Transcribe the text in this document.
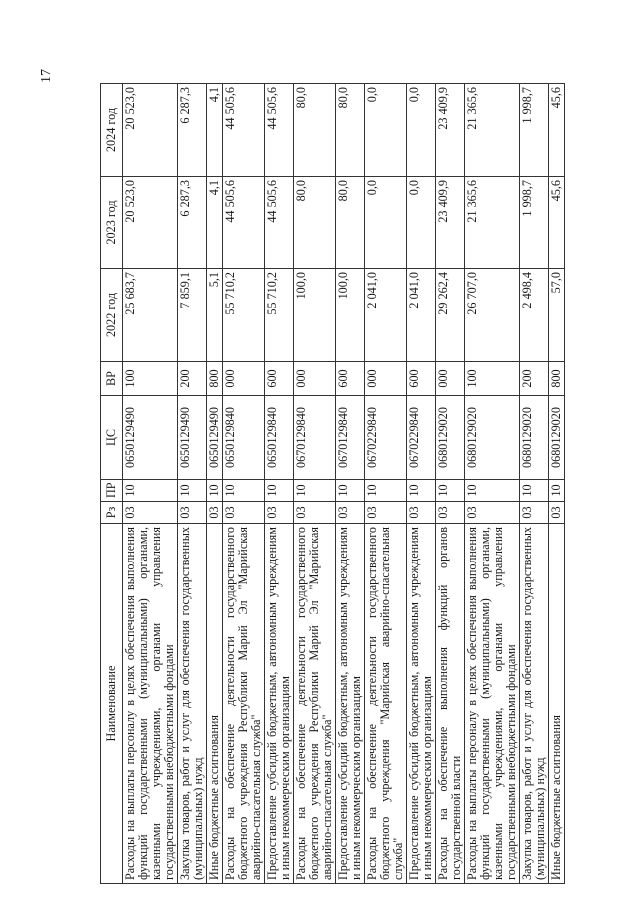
17
Наименование	Рз	ПР	ЦС	ВР	2022 год	2023 год	2024 год
Расходы на выплаты персоналу в целях обеспечения выполнения функций государственными (муниципальными) органами, казенными учреждениями, органами управления государственными внебюджетными фондами	03	10	0650129490	100	25 683,7	20 523,0	20 523,0
Закупка товаров, работ и услуг для обеспечения государственных (муниципальных) нужд	03	10	0650129490	200	7 859,1	6 287,3	6 287,3
Иные бюджетные ассигнования	03	10	0650129490	800	5,1	4,1	4,1
Расходы на обеспечение деятельности государственного бюджетного учреждения Республики Марий Эл "Марийская аварийно-спасательная служба"	03	10	0650129840	000	55 710,2	44 505,6	44 505,6
Предоставление субсидий бюджетным, автономным учреждениям и иным некоммерческим организациям	03	10	0650129840	600	55 710,2	44 505,6	44 505,6
Расходы на обеспечение деятельности государственного бюджетного учреждения Республики Марий Эл "Марийская аварийно-спасательная служба"	03	10	0670129840	000	100,0	80,0	80,0
Предоставление субсидий бюджетным, автономным учреждениям и иным некоммерческим организациям	03	10	0670129840	600	100,0	80,0	80,0
Расходы на обеспечение деятельности государственного бюджетного учреждения "Марийская аварийно-спасательная служба"	03	10	0670229840	000	2 041,0	0,0	0,0
Предоставление субсидий бюджетным, автономным учреждениям и иным некоммерческим организациям	03	10	0670229840	600	2 041,0	0,0	0,0
Расходы на обеспечение выполнения функций органов государственной власти	03	10	0680129020	000	29 262,4	23 409,9	23 409,9
Расходы на выплаты персоналу в целях обеспечения выполнения функций государственными (муниципальными) органами, казенными учреждениями, органами управления государственными внебюджетными фондами	03	10	0680129020	100	26 707,0	21 365,6	21 365,6
Закупка товаров, работ и услуг для обеспечения государственных (муниципальных) нужд	03	10	0680129020	200	2 498,4	1 998,7	1 998,7
Иные бюджетные ассигнования	03	10	0680129020	800	57,0	45,6	45,6
